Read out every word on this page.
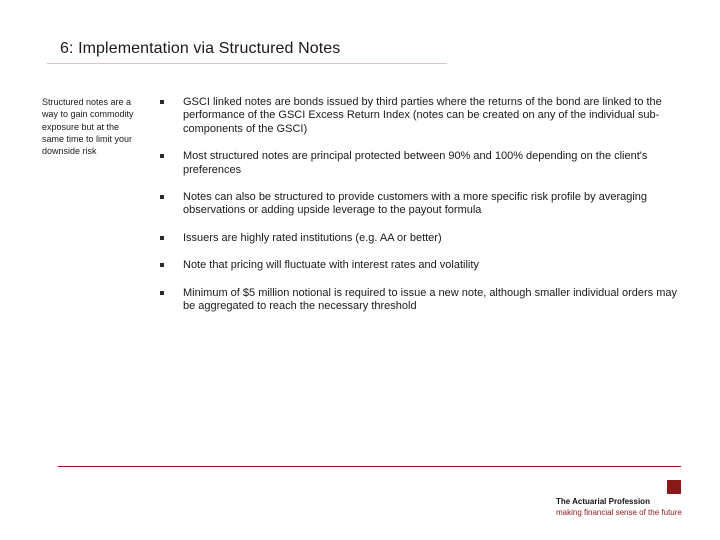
6: Implementation via Structured Notes
Structured notes are a way to gain commodity exposure but at the same time to limit your downside risk
GSCI linked notes are bonds issued by third parties where the returns of the bond are linked to the performance of the GSCI Excess Return Index (notes can be created on any of the individual sub-components of the GSCI)
Most structured notes are principal protected between 90% and 100% depending on the client's preferences
Notes can also be structured to provide customers with a more specific risk profile by averaging observations or adding upside leverage to the payout formula
Issuers are highly rated institutions (e.g. AA or better)
Note that pricing will fluctuate with interest rates and volatility
Minimum of $5 million notional is required to issue a new note, although smaller individual orders may be aggregated to reach the necessary threshold
The Actuarial Profession
making financial sense of the future
